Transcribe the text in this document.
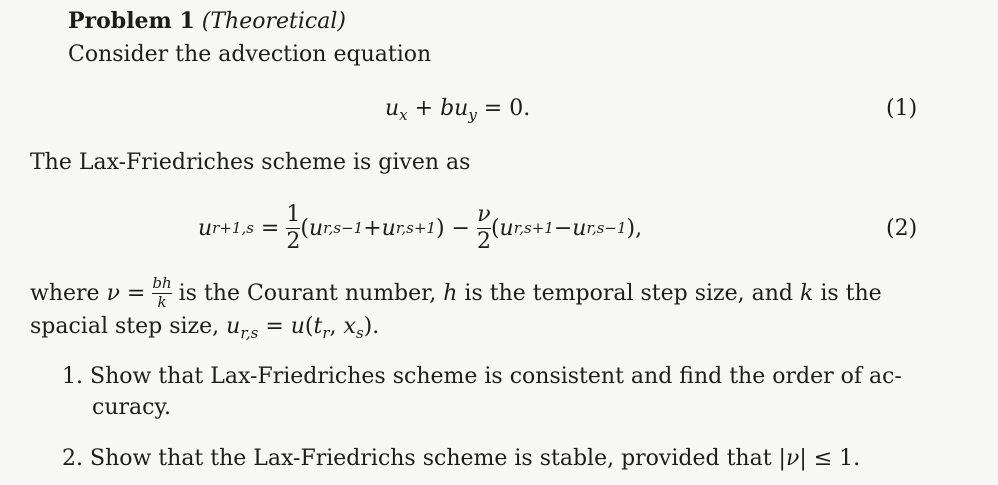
Problem 1 (Theoretical)
Consider the advection equation
$u_x + bu_y = 0$.	(1)
The Lax-Friedriches scheme is given as
u $r+1,s = \frac{1}{2}$ ( u r,s−1 + u r,s+1 ) − $\frac{\nu}{2}$ ( u r,s+1 − u r,s−1 ),	(2)
where
$\nu = \frac{bh}{k}$
is the Courant number,
h
is the temporal step size, and
k
is the
spacial step size, $u_{r,s} = u(t_r$, $x_s$).
1. Show that Lax-Friedriches scheme is consistent and find the order of ac-
curacy.
2. Show that the Lax-Friedrichs scheme is stable, provided that |ν| ≤ 1.
